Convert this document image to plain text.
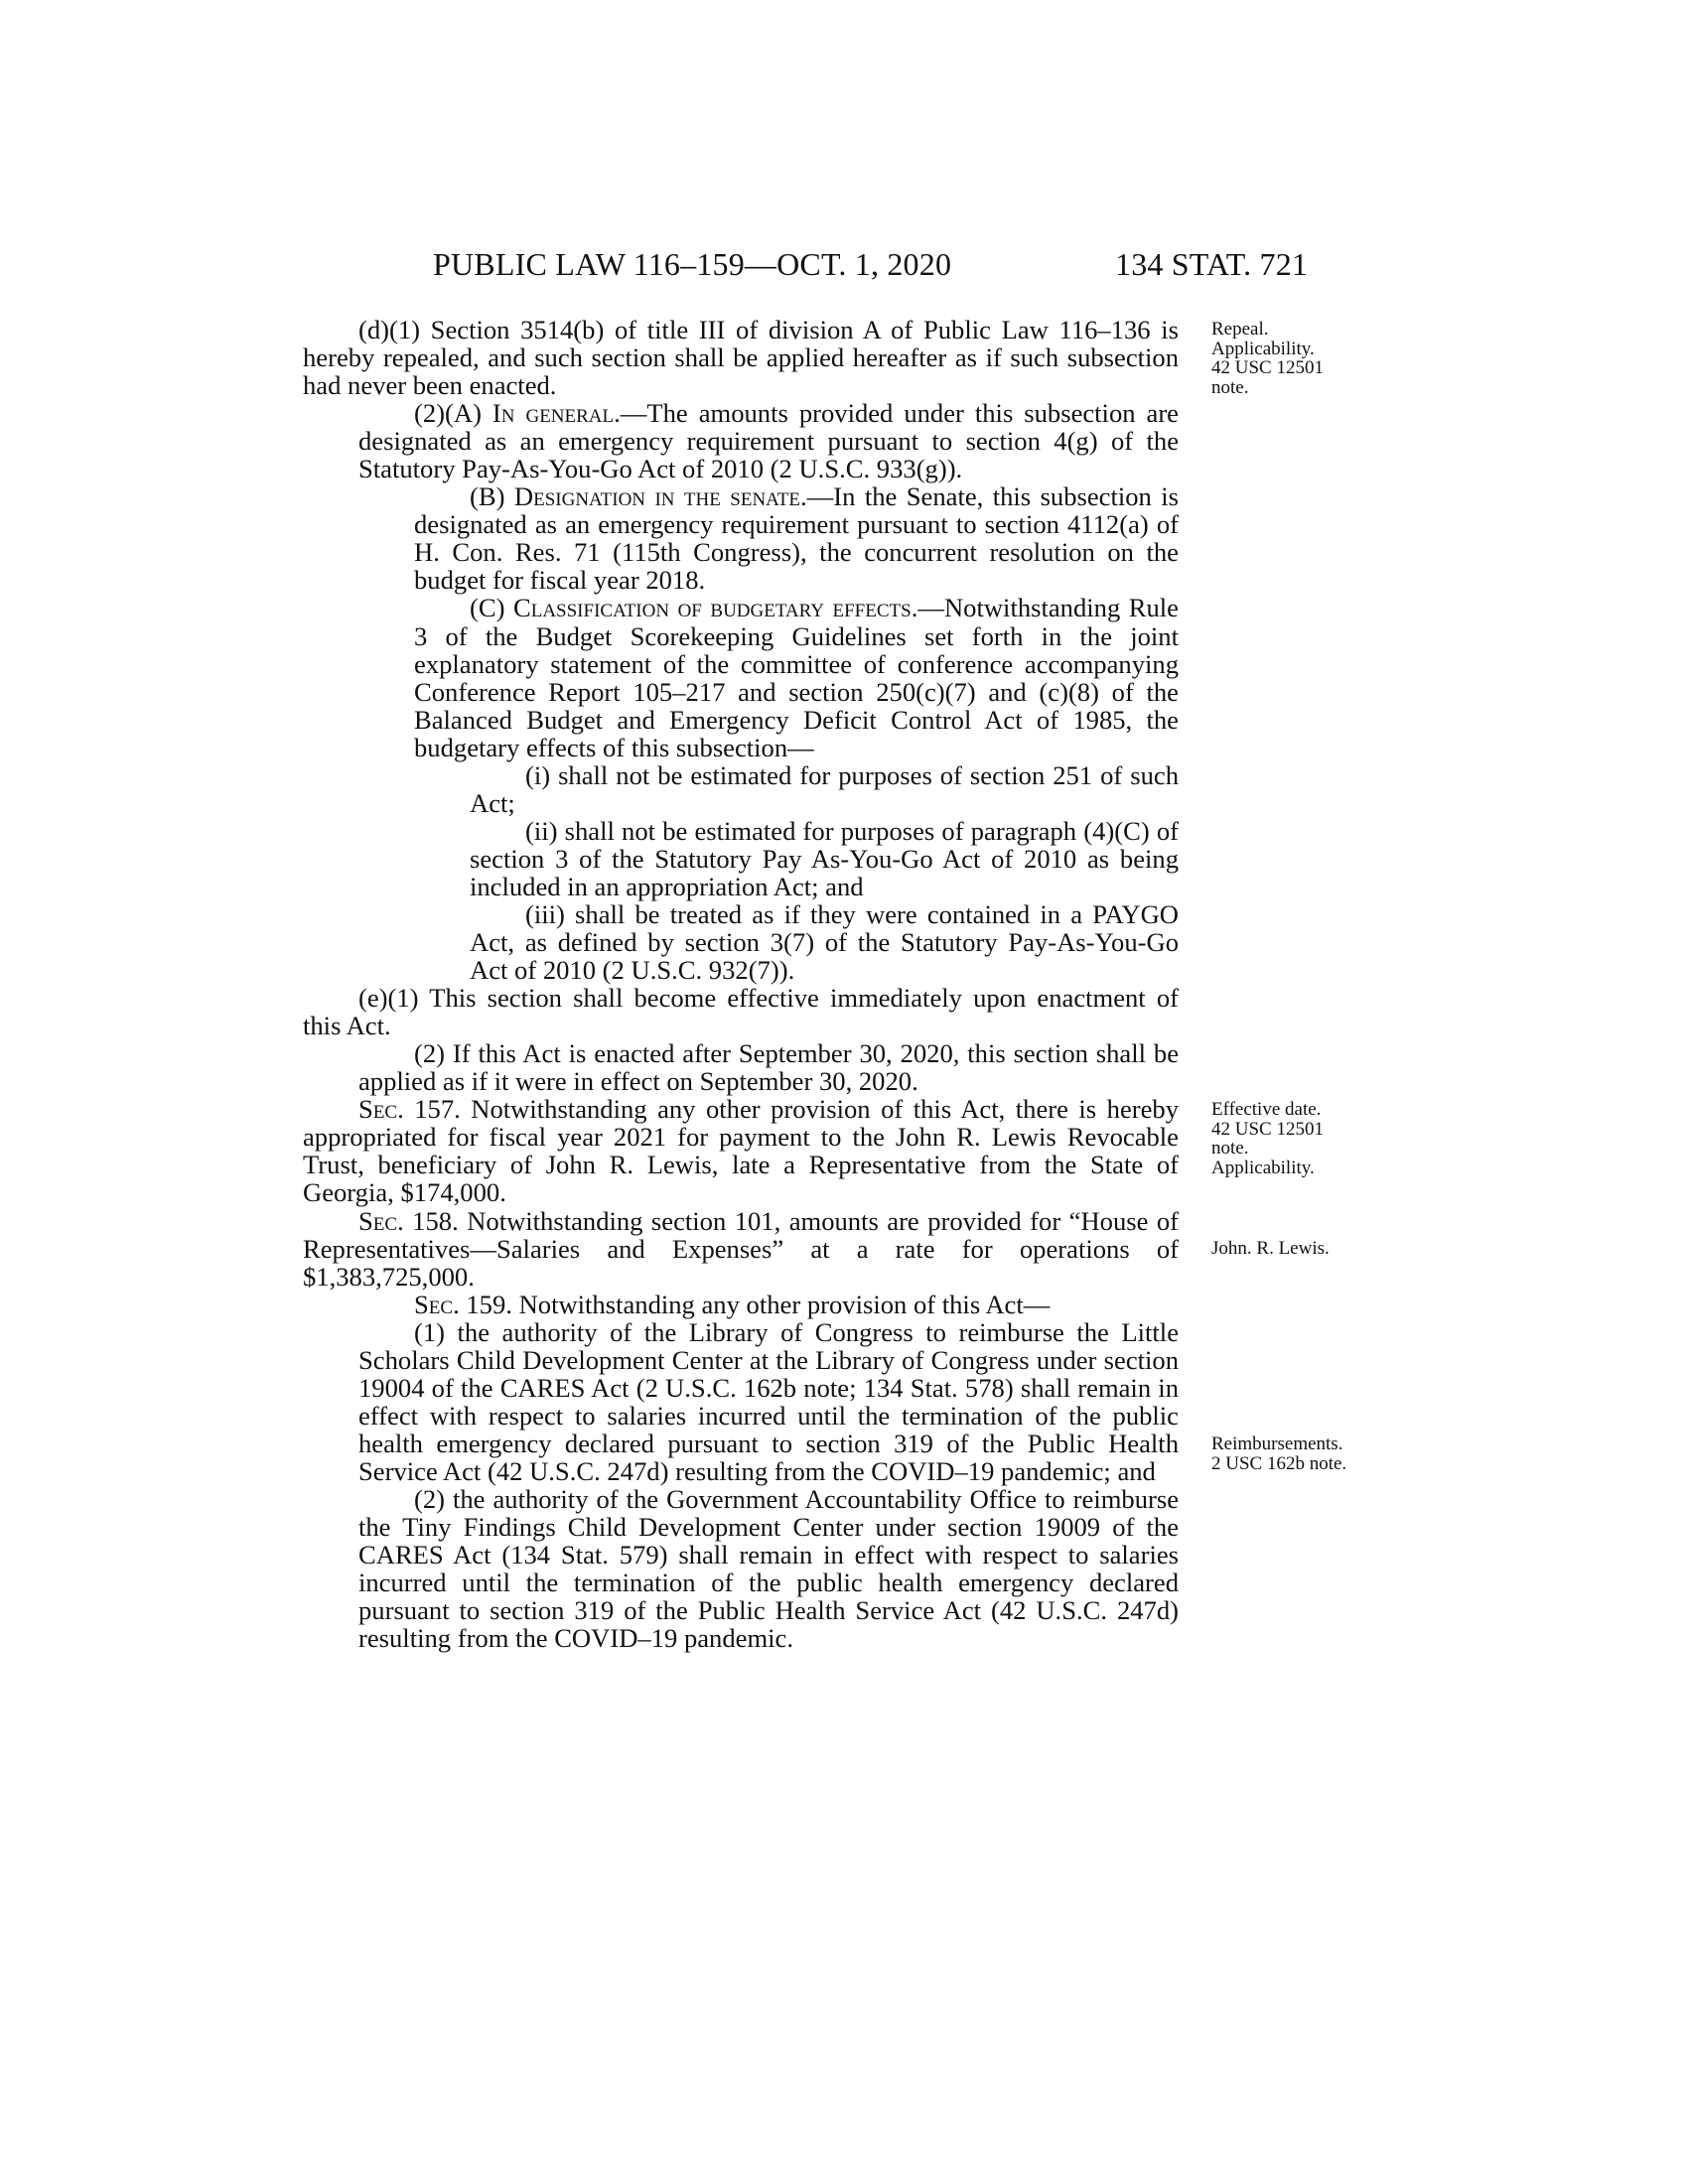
PUBLIC LAW 116–159—OCT. 1, 2020	134 STAT. 721
Repeal.
Applicability.
42 USC 12501
note.
Effective date.
42 USC 12501
note.
Applicability.
John. R. Lewis.
Reimbursements.
2 USC 162b note.

(d)(1) Section 3514(b) of title III of division A of Public Law 116–136 is hereby repealed, and such section shall be applied hereafter as if such subsection had never been enacted.

(2)(A) In general.—The amounts provided under this subsection are designated as an emergency requirement pursuant to section 4(g) of the Statutory Pay-As-You-Go Act of 2010 (2 U.S.C. 933(g)).

(B) Designation in the senate.—In the Senate, this subsection is designated as an emergency requirement pursuant to section 4112(a) of H. Con. Res. 71 (115th Congress), the concurrent resolution on the budget for fiscal year 2018.

(C) Classification of budgetary effects.—Notwithstanding Rule 3 of the Budget Scorekeeping Guidelines set forth in the joint explanatory statement of the committee of conference accompanying Conference Report 105–217 and section 250(c)(7) and (c)(8) of the Balanced Budget and Emergency Deficit Control Act of 1985, the budgetary effects of this subsection—

(i) shall not be estimated for purposes of section 251 of such Act;

(ii) shall not be estimated for purposes of paragraph (4)(C) of section 3 of the Statutory Pay As-You-Go Act of 2010 as being included in an appropriation Act; and

(iii) shall be treated as if they were contained in a PAYGO Act, as defined by section 3(7) of the Statutory Pay-As-You-Go Act of 2010 (2 U.S.C. 932(7)).

(e)(1) This section shall become effective immediately upon enactment of this Act.

(2) If this Act is enacted after September 30, 2020, this section shall be applied as if it were in effect on September 30, 2020.

Sec. 157. Notwithstanding any other provision of this Act, there is hereby appropriated for fiscal year 2021 for payment to the John R. Lewis Revocable Trust, beneficiary of John R. Lewis, late a Representative from the State of Georgia, $174,000.

Sec. 158. Notwithstanding section 101, amounts are provided for “House of Representatives—Salaries and Expenses” at a rate for operations of $1,383,725,000.

Sec. 159. Notwithstanding any other provision of this Act—

(1) the authority of the Library of Congress to reimburse the Little Scholars Child Development Center at the Library of Congress under section 19004 of the CARES Act (2 U.S.C. 162b note; 134 Stat. 578) shall remain in effect with respect to salaries incurred until the termination of the public health emergency declared pursuant to section 319 of the Public Health Service Act (42 U.S.C. 247d) resulting from the COVID–19 pandemic; and

(2) the authority of the Government Accountability Office to reimburse the Tiny Findings Child Development Center under section 19009 of the CARES Act (134 Stat. 579) shall remain in effect with respect to salaries incurred until the termination of the public health emergency declared pursuant to section 319 of the Public Health Service Act (42 U.S.C. 247d) resulting from the COVID–19 pandemic.
